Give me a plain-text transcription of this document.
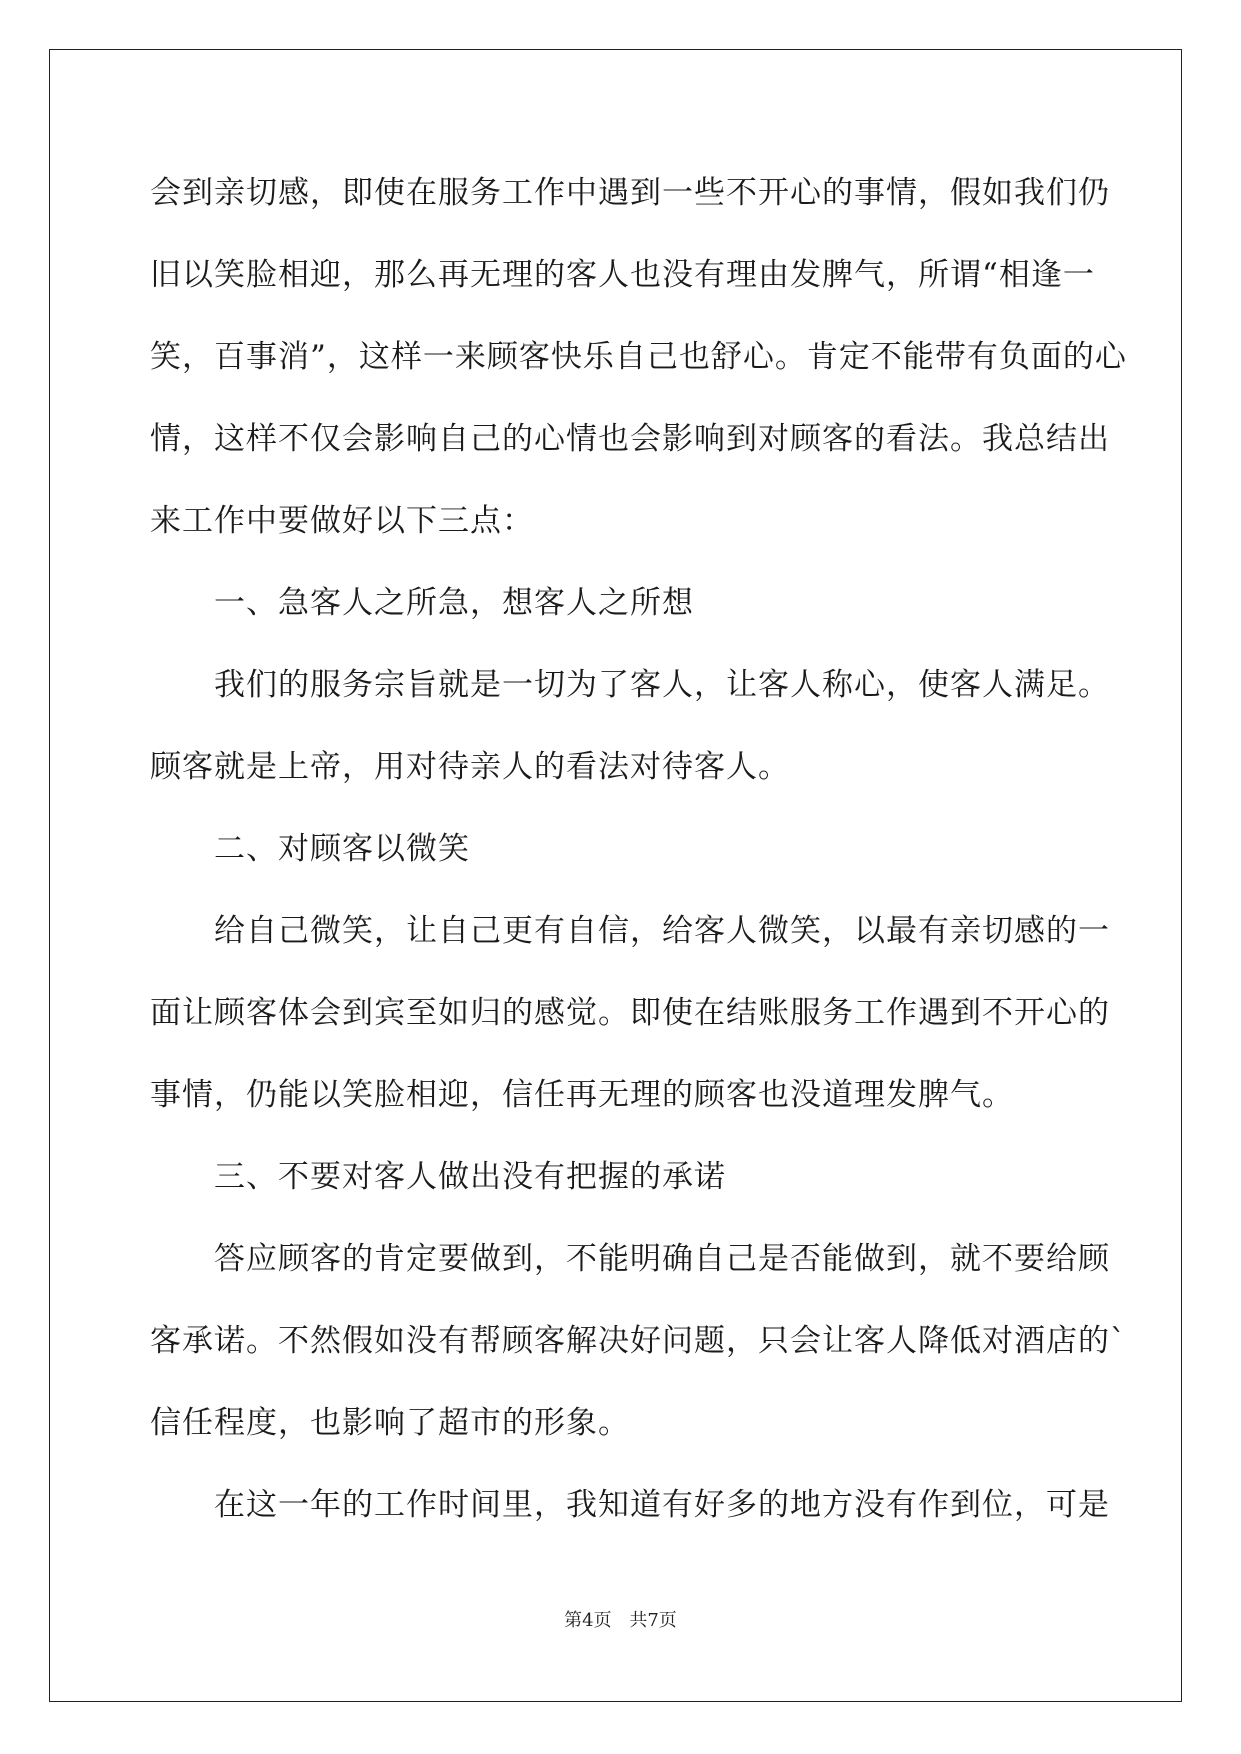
会到亲切感，即使在服务工作中遇到一些不开心的事情，假如我们仍
旧以笑脸相迎，那么再无理的客人也没有理由发脾气，所谓“相逢一
笑，百事消”，这样一来顾客快乐自己也舒心。肯定不能带有负面的心
情，这样不仅会影响自己的心情也会影响到对顾客的看法。我总结出
来工作中要做好以下三点：
　　一、急客人之所急，想客人之所想
　　我们的服务宗旨就是一切为了客人，让客人称心，使客人满足。
顾客就是上帝，用对待亲人的看法对待客人。
　　二、对顾客以微笑
　　给自己微笑，让自己更有自信，给客人微笑，以最有亲切感的一
面让顾客体会到宾至如归的感觉。即使在结账服务工作遇到不开心的
事情，仍能以笑脸相迎，信任再无理的顾客也没道理发脾气。
　　三、不要对客人做出没有把握的承诺
　　答应顾客的肯定要做到，不能明确自己是否能做到，就不要给顾
客承诺。不然假如没有帮顾客解决好问题，只会让客人降低对酒店的`
信任程度，也影响了超市的形象。
　　在这一年的工作时间里，我知道有好多的地方没有作到位，可是
第4页 共7页
